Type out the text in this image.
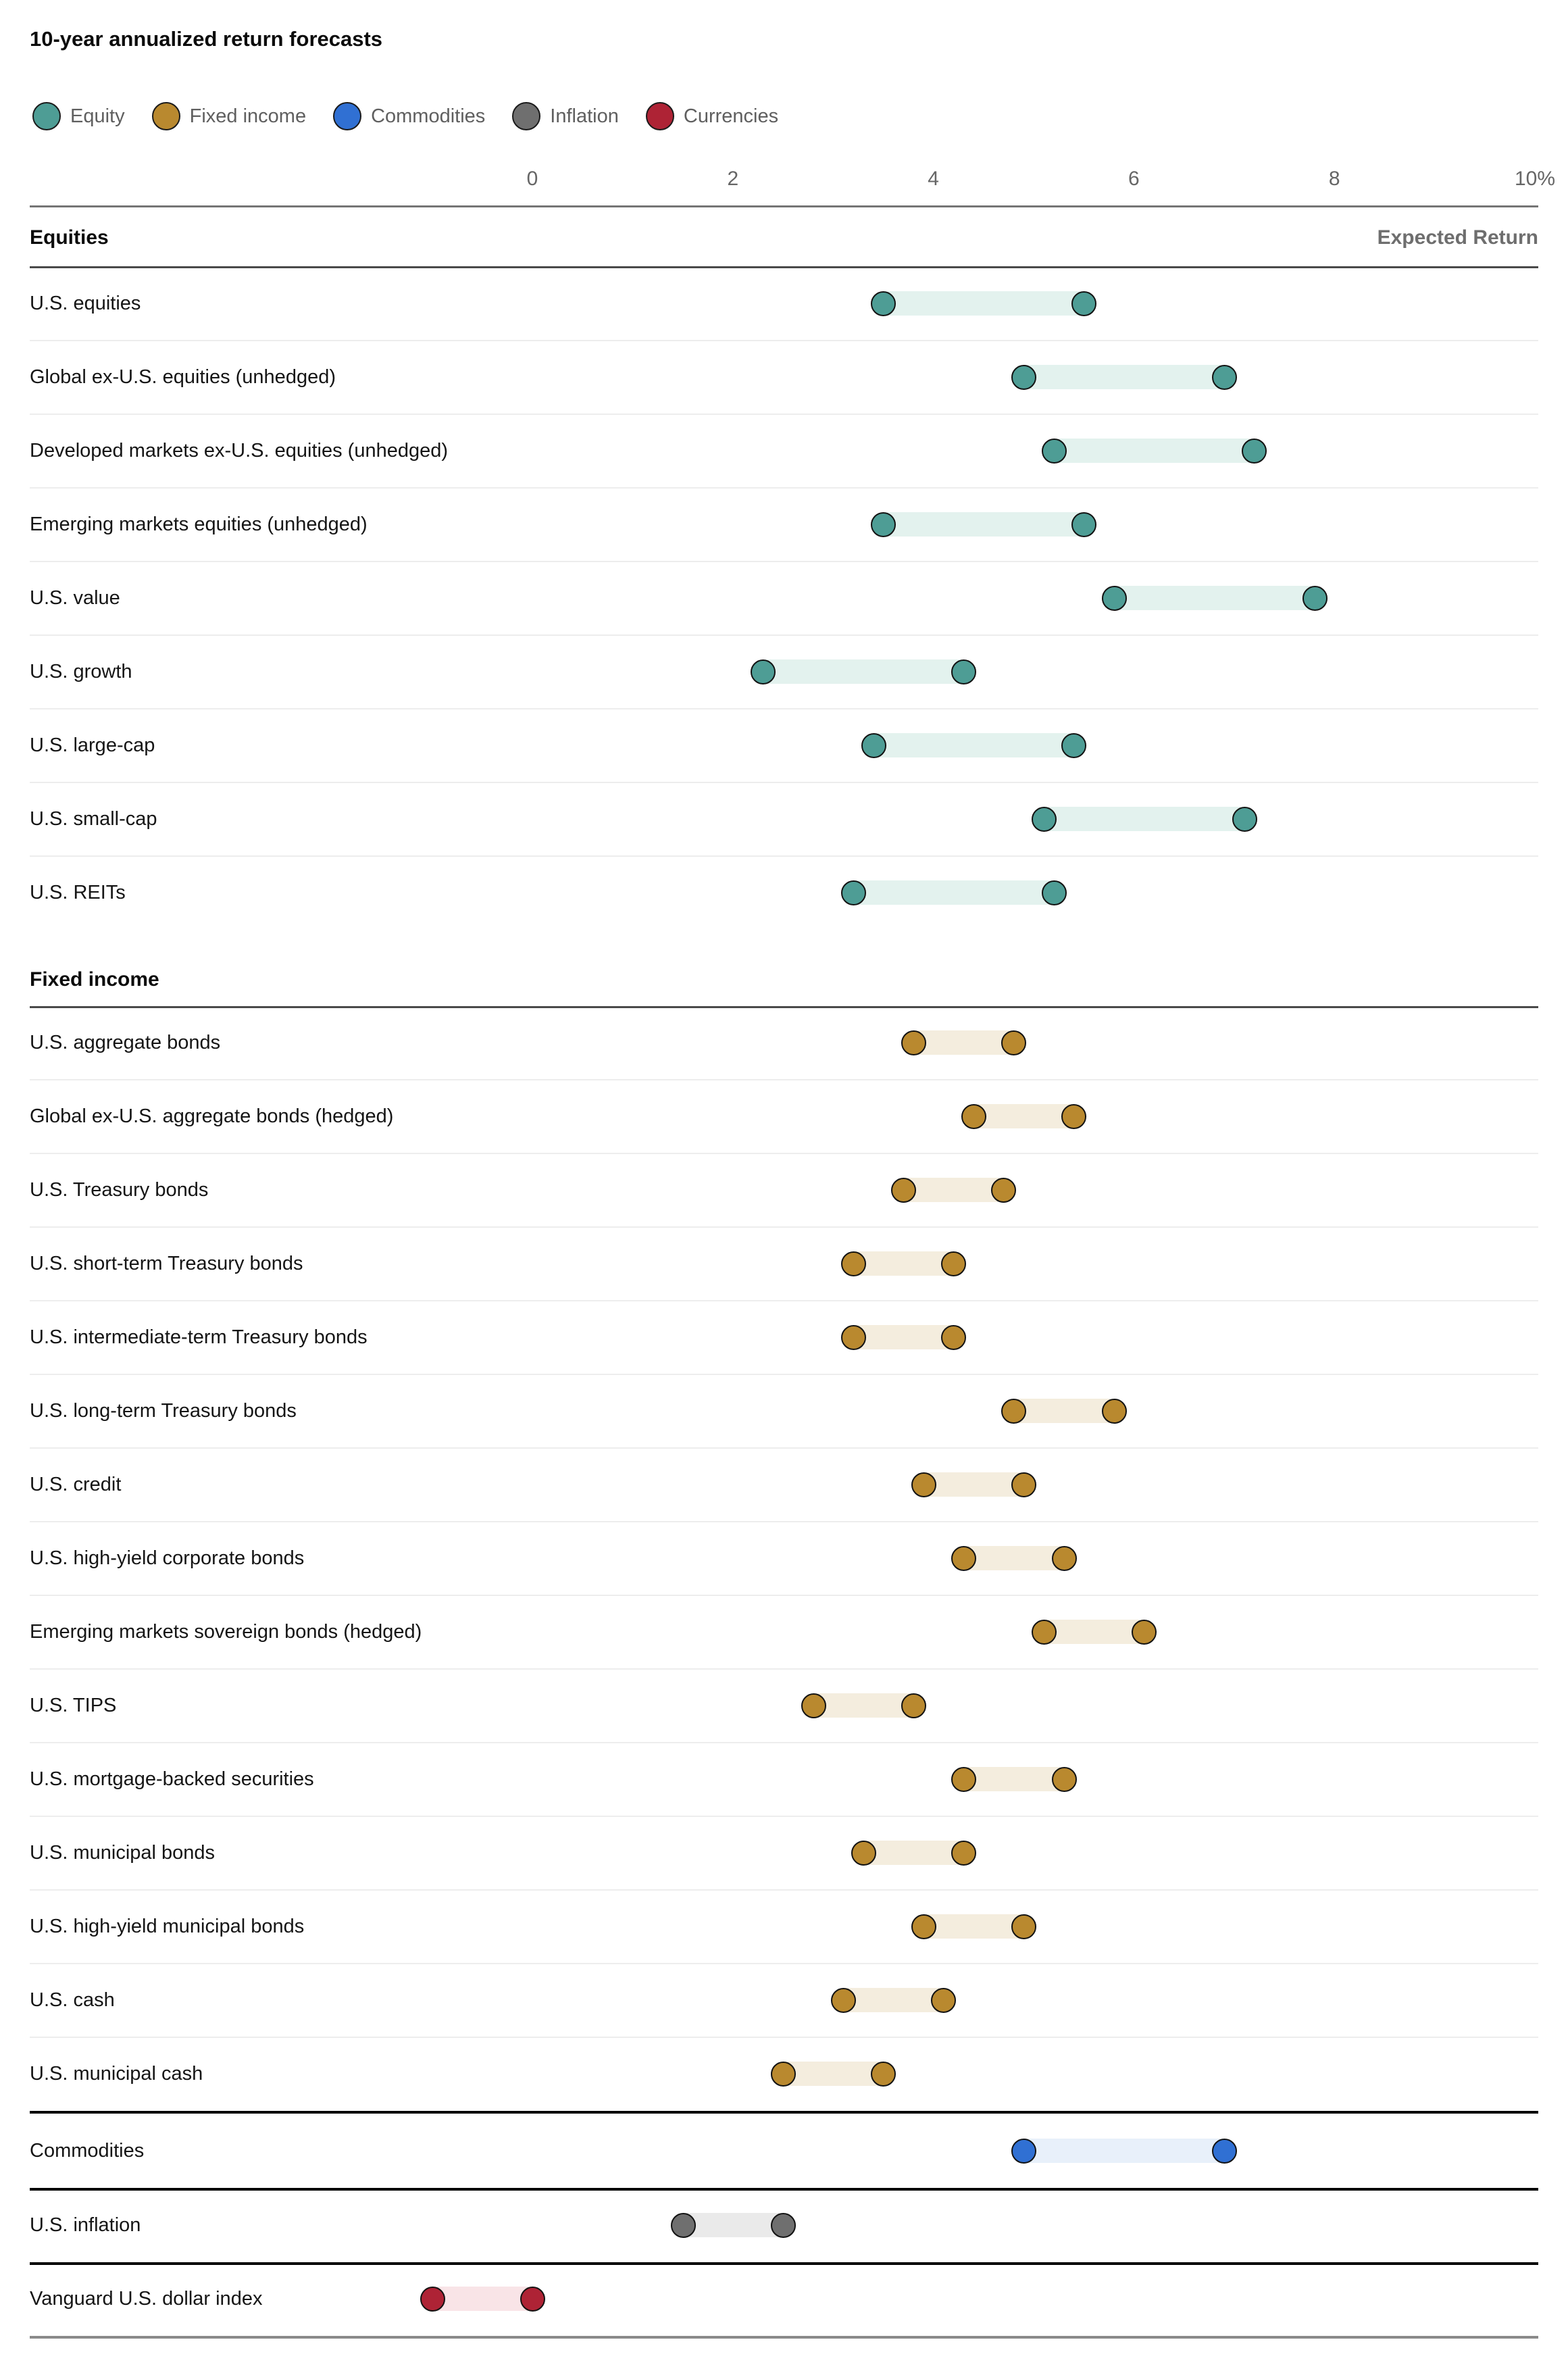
10-year annualized return forecasts
Equity	Fixed income	Commodities	Inflation	Currencies
0	2	4	6	8	10%
Equities	Expected Return
U.S. equities
Global ex-U.S. equities (unhedged)
Developed markets ex-U.S. equities (unhedged)
Emerging markets equities (unhedged)
U.S. value
U.S. growth
U.S. large-cap
U.S. small-cap
U.S. REITs
Fixed income
U.S. aggregate bonds
Global ex-U.S. aggregate bonds (hedged)
U.S. Treasury bonds
U.S. short-term Treasury bonds
U.S. intermediate-term Treasury bonds
U.S. long-term Treasury bonds
U.S. credit
U.S. high-yield corporate bonds
Emerging markets sovereign bonds (hedged)
U.S. TIPS
U.S. mortgage-backed securities
U.S. municipal bonds
U.S. high-yield municipal bonds
U.S. cash
U.S. municipal cash
Commodities
U.S. inflation
Vanguard U.S. dollar index
